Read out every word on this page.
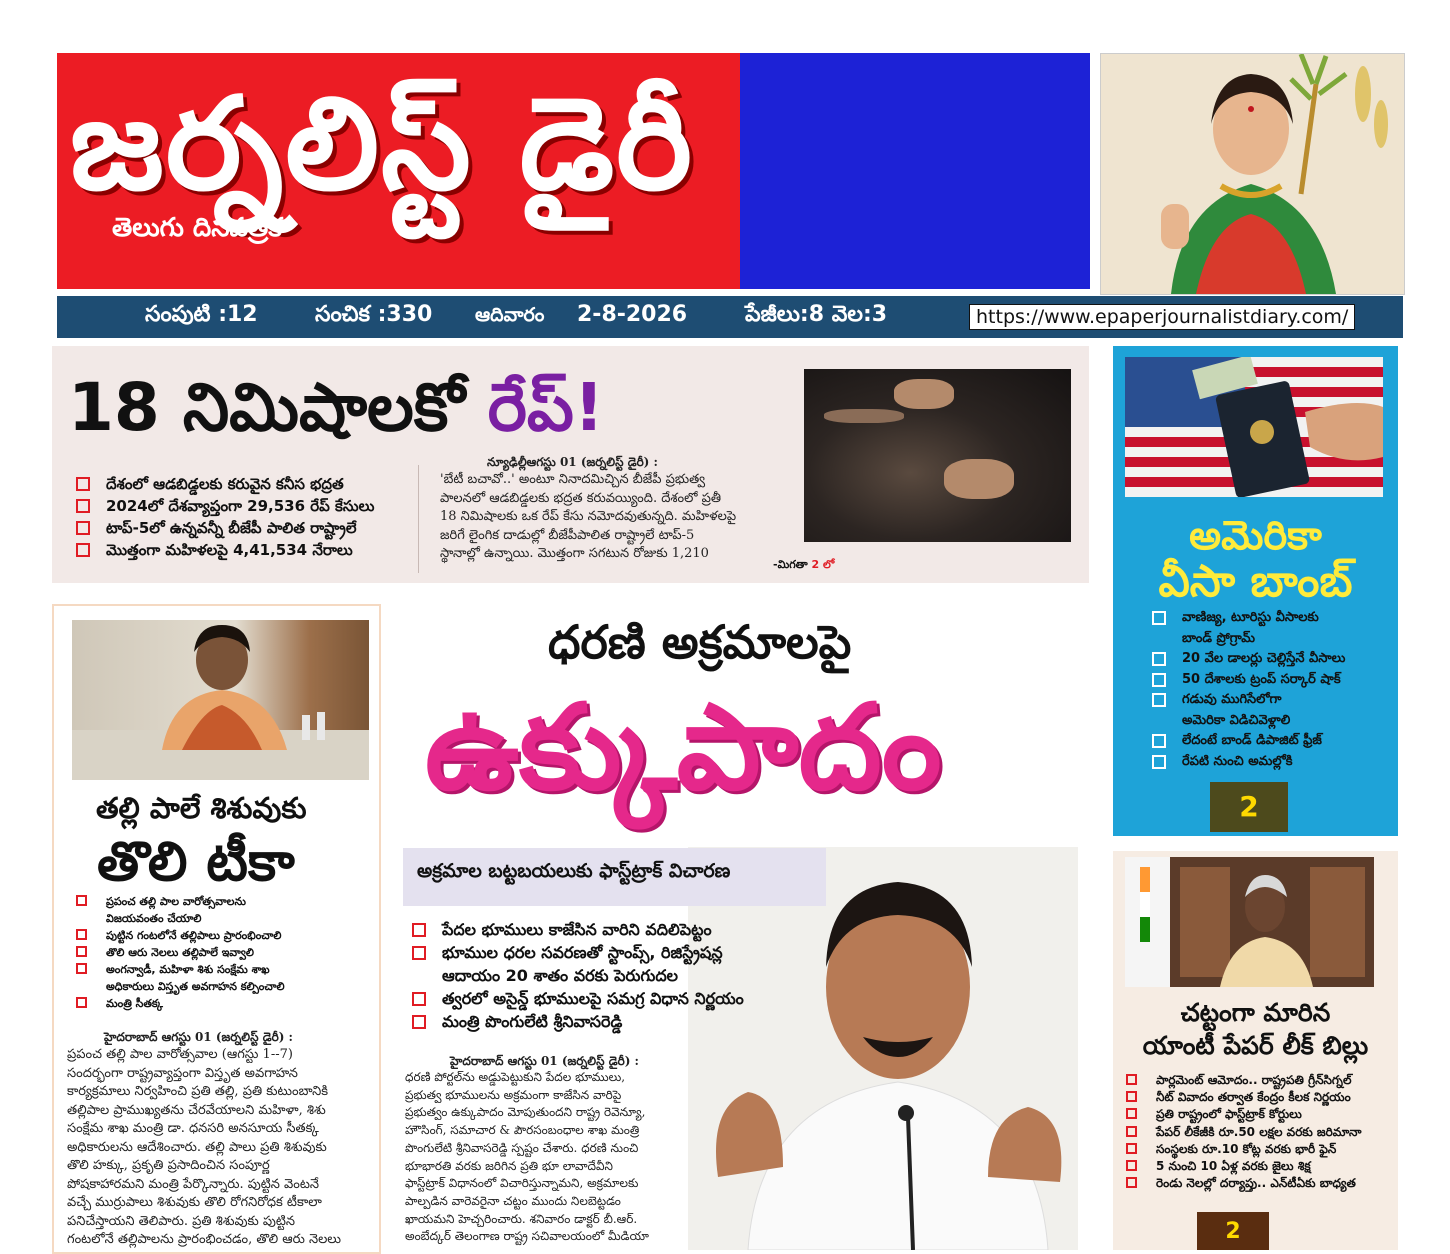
జర్నలిస్ట్ డైరీ
తెలుగు దినపత్రిక
సంపుటి :12	సంచిక :330 ఆదివారం 2-8-2026	పేజీలు:8 వెల:3	https://www.epaperjournalistdiary.com/
18 నిమిషాలకో రేప్!
దేశంలో ఆడబిడ్డలకు కరువైన కనీస భద్రత
2024లో దేశవ్యాప్తంగా 29,536 రేప్ కేసులు
టాప్-5లో ఉన్నవన్నీ బీజేపీ పాలిత రాష్ట్రాలే
మొత్తంగా మహిళలపై 4,41,534 నేరాలు
న్యూఢిల్లీఆగస్టు 01 (జర్నలిస్ట్ డైరీ) :
'బేటీ బచావో..' అంటూ నినాదమిచ్చిన బీజేపీ ప్రభుత్వ
పాలనలో ఆడబిడ్డలకు భద్రత కరువయ్యింది. దేశంలో ప్రతీ
18 నిమిషాలకు ఒక రేప్ కేసు నమోదవుతున్నది. మహిళలపై
జరిగే లైంగిక దాడుల్లో బీజేపీపాలిత రాష్ట్రాలే టాప్-5
స్థానాల్లో ఉన్నాయి. మొత్తంగా సగటున రోజుకు 1,210
-మిగతా 2 లో
తల్లి పాలే శిశువుకు
తొలి టీకా
ప్రపంచ తల్లి పాల వారోత్సవాలను
విజయవంతం చేయాలి
పుట్టిన గంటలోనే తల్లిపాలు ప్రారంభించాలి
తొలి ఆరు నెలలు తల్లిపాలే ఇవ్వాలి
అంగన్వాడీ, మహిళా శిశు సంక్షేమ శాఖ
అధికారులు విస్తృత అవగాహన కల్పించాలి
మంత్రి సీతక్క
హైదరాబాద్ ఆగస్టు 01 (జర్నలిస్ట్ డైరీ) :
ప్రపంచ తల్లి పాల వారోత్సవాల (ఆగస్టు 1--7)
సందర్భంగా రాష్ట్రవ్యాప్తంగా విస్తృత అవగాహన
కార్యక్రమాలు నిర్వహించి ప్రతి తల్లి, ప్రతి కుటుంబానికి
తల్లిపాల ప్రాముఖ్యతను చేరవేయాలని మహిళా, శిశు
సంక్షేమ శాఖ మంత్రి డా. ధనసరి అనసూయ సీతక్క
అధికారులను ఆదేశించారు. తల్లి పాలు ప్రతి శిశువుకు
తొలి హక్కు, ప్రకృతి ప్రసాదించిన సంపూర్ణ
పోషకాహారమని మంత్రి పేర్కొన్నారు. పుట్టిన వెంటనే
వచ్చే ముర్రుపాలు శిశువుకు తొలి రోగనిరోధక టీకాలా
పనిచేస్తాయని తెలిపారు. ప్రతి శిశువుకు పుట్టిన
గంటలోనే తల్లిపాలను ప్రారంభించడం, తొలి ఆరు నెలలు
ధరణి అక్రమాలపై
ఉక్కుపాదం
అక్రమాల బట్టబయలుకు ఫాస్ట్‌ట్రాక్ విచారణ
పేదల భూములు కాజేసిన వారిని వదిలిపెట్టం
భూముల ధరల సవరణతో స్టాంప్స్, రిజిస్ట్రేషన్ల
ఆదాయం 20 శాతం వరకు పెరుగుదల
త్వరలో అసైన్డ్ భూములపై సమగ్ర విధాన నిర్ణయం
మంత్రి పొంగులేటి శ్రీనివాసరెడ్డి
హైదరాబాద్ ఆగస్టు 01 (జర్నలిస్ట్ డైరీ) :
ధరణి పోర్టల్‌ను అడ్డుపెట్టుకుని పేదల భూములు,
ప్రభుత్వ భూములను అక్రమంగా కాజేసిన వారిపై
ప్రభుత్వం ఉక్కుపాదం మోపుతుందని రాష్ట్ర రెవెన్యూ,
హౌసింగ్, సమాచార & పౌరసంబంధాల శాఖ మంత్రి
పొంగులేటి శ్రీనివాసరెడ్డి స్పష్టం చేశారు. ధరణి నుంచి
భూభారతి వరకు జరిగిన ప్రతి భూ లావాదేవీని
ఫాస్ట్‌ట్రాక్ విధానంలో విచారిస్తున్నామని, అక్రమాలకు
పాల్పడిన వారెవరైనా చట్టం ముందు నిలబెట్టడం
ఖాయమని హెచ్చరించారు. శనివారం డాక్టర్ బీ.ఆర్.
అంబేద్కర్ తెలంగాణ రాష్ట్ర సచివాలయంలో మీడియా
అమెరికా
వీసా బాంబ్
వాణిజ్య, టూరిస్టు వీసాలకు
బాండ్ ప్రోగ్రామ్
20 వేల డాలర్లు చెల్లిస్తేనే వీసాలు
50 దేశాలకు ట్రంప్ సర్కార్ షాక్
గడువు ముగిసేలోగా
అమెరికా విడిచివెళ్లాలి
లేదంటే బాండ్ డిపాజిట్ ఫ్రీజ్
రేపటి నుంచి అమల్లోకి
2
చట్టంగా మారిన
యాంటీ పేపర్ లీక్ బిల్లు
పార్లమెంట్ ఆమోదం.. రాష్ట్రపతి గ్రీన్‌సిగ్నల్
నీట్ వివాదం తర్వాత కేంద్రం కీలక నిర్ణయం
ప్రతి రాష్ట్రంలో ఫాస్ట్‌ట్రాక్ కోర్టులు
పేపర్ లీకేజీకి రూ.50 లక్షల వరకు జరిమానా
సంస్థలకు రూ.10 కోట్ల వరకు భారీ ఫైన్
5 నుంచి 10 ఏళ్ల వరకు జైలు శిక్ష
రెండు నెలల్లో దర్యాప్తు.. ఎన్‌టీఏకు బాధ్యత
2
